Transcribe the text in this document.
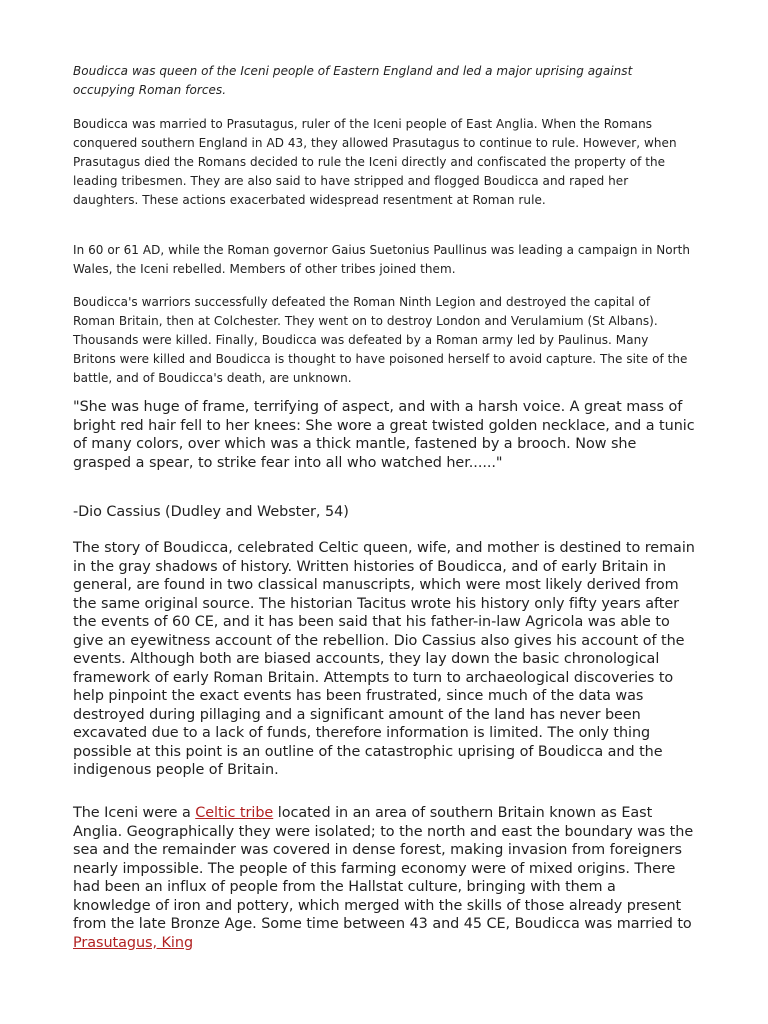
Boudicca was queen of the Iceni people of Eastern England and led a major uprising against occupying Roman forces.

Boudicca was married to Prasutagus, ruler of the Iceni people of East Anglia. When the Romans conquered southern England in AD 43, they allowed Prasutagus to continue to rule. However, when Prasutagus died the Romans decided to rule the Iceni directly and confiscated the property of the leading tribesmen. They are also said to have stripped and flogged Boudicca and raped her daughters. These actions exacerbated widespread resentment at Roman rule.

In 60 or 61 AD, while the Roman governor Gaius Suetonius Paullinus was leading a campaign in North Wales, the Iceni rebelled. Members of other tribes joined them.

Boudicca's warriors successfully defeated the Roman Ninth Legion and destroyed the capital of Roman Britain, then at Colchester. They went on to destroy London and Verulamium (St Albans). Thousands were killed. Finally, Boudicca was defeated by a Roman army led by Paulinus. Many Britons were killed and Boudicca is thought to have poisoned herself to avoid capture. The site of the battle, and of Boudicca's death, are unknown.

"She was huge of frame, terrifying of aspect, and with a harsh voice. A great mass of bright red hair fell to her knees: She wore a great twisted golden necklace, and a tunic of many colors, over which was a thick mantle, fastened by a brooch. Now she grasped a spear, to strike fear into all who watched her......"

-Dio Cassius (Dudley and Webster, 54)

The story of Boudicca, celebrated Celtic queen, wife, and mother is destined to remain in the gray shadows of history. Written histories of Boudicca, and of early Britain in general, are found in two classical manuscripts, which were most likely derived from the same original source. The historian Tacitus wrote his history only fifty years after the events of 60 CE, and it has been said that his father-in-law Agricola was able to give an eyewitness account of the rebellion. Dio Cassius also gives his account of the events. Although both are biased accounts, they lay down the basic chronological framework of early Roman Britain. Attempts to turn to archaeological discoveries to help pinpoint the exact events has been frustrated, since much of the data was destroyed during pillaging and a significant amount of the land has never been excavated due to a lack of funds, therefore information is limited. The only thing possible at this point is an outline of the catastrophic uprising of Boudicca and the indigenous people of Britain.

The Iceni were a Celtic tribe located in an area of southern Britain known as East Anglia. Geographically they were isolated; to the north and east the boundary was the sea and the remainder was covered in dense forest, making invasion from foreigners nearly impossible. The people of this farming economy were of mixed origins. There had been an influx of people from the Hallstat culture, bringing with them a knowledge of iron and pottery, which merged with the skills of those already present from the late Bronze Age. Some time between 43 and 45 CE, Boudicca was married to Prasutagus, King
